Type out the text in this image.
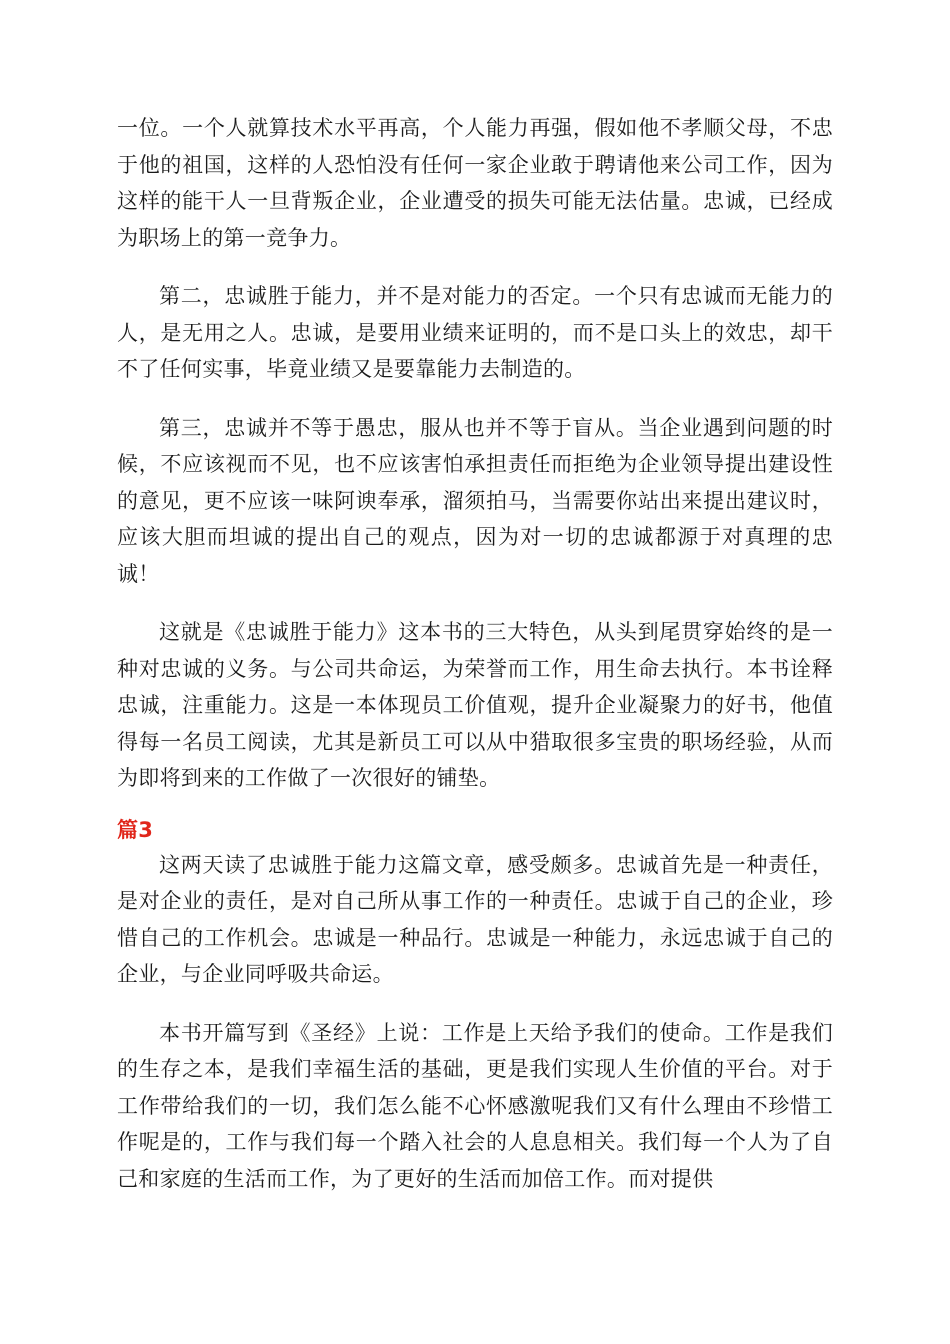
一位。一个人就算技术水平再高，个人能力再强，假如他不孝顺父母，不忠于他的祖国，这样的人恐怕没有任何一家企业敢于聘请他来公司工作，因为这样的能干人一旦背叛企业，企业遭受的损失可能无法估量。忠诚，已经成为职场上的第一竞争力。

第二，忠诚胜于能力，并不是对能力的否定。一个只有忠诚而无能力的人，是无用之人。忠诚，是要用业绩来证明的，而不是口头上的效忠，却干不了任何实事，毕竟业绩又是要靠能力去制造的。

第三，忠诚并不等于愚忠，服从也并不等于盲从。当企业遇到问题的时候，不应该视而不见，也不应该害怕承担责任而拒绝为企业领导提出建设性的意见，更不应该一味阿谀奉承，溜须拍马，当需要你站出来提出建议时，应该大胆而坦诚的提出自己的观点，因为对一切的忠诚都源于对真理的忠诚！

这就是《忠诚胜于能力》这本书的三大特色，从头到尾贯穿始终的是一种对忠诚的义务。与公司共命运，为荣誉而工作，用生命去执行。本书诠释忠诚，注重能力。这是一本体现员工价值观，提升企业凝聚力的好书，他值得每一名员工阅读，尤其是新员工可以从中猎取很多宝贵的职场经验，从而为即将到来的工作做了一次很好的铺垫。

篇3

这两天读了忠诚胜于能力这篇文章，感受颇多。忠诚首先是一种责任，是对企业的责任，是对自己所从事工作的一种责任。忠诚于自己的企业，珍惜自己的工作机会。忠诚是一种品行。忠诚是一种能力，永远忠诚于自己的企业，与企业同呼吸共命运。

本书开篇写到《圣经》上说：工作是上天给予我们的使命。工作是我们的生存之本，是我们幸福生活的基础，更是我们实现人生价值的平台。对于工作带给我们的一切，我们怎么能不心怀感激呢我们又有什么理由不珍惜工作呢是的，工作与我们每一个踏入社会的人息息相关。我们每一个人为了自己和家庭的生活而工作，为了更好的生活而加倍工作。而对提供
